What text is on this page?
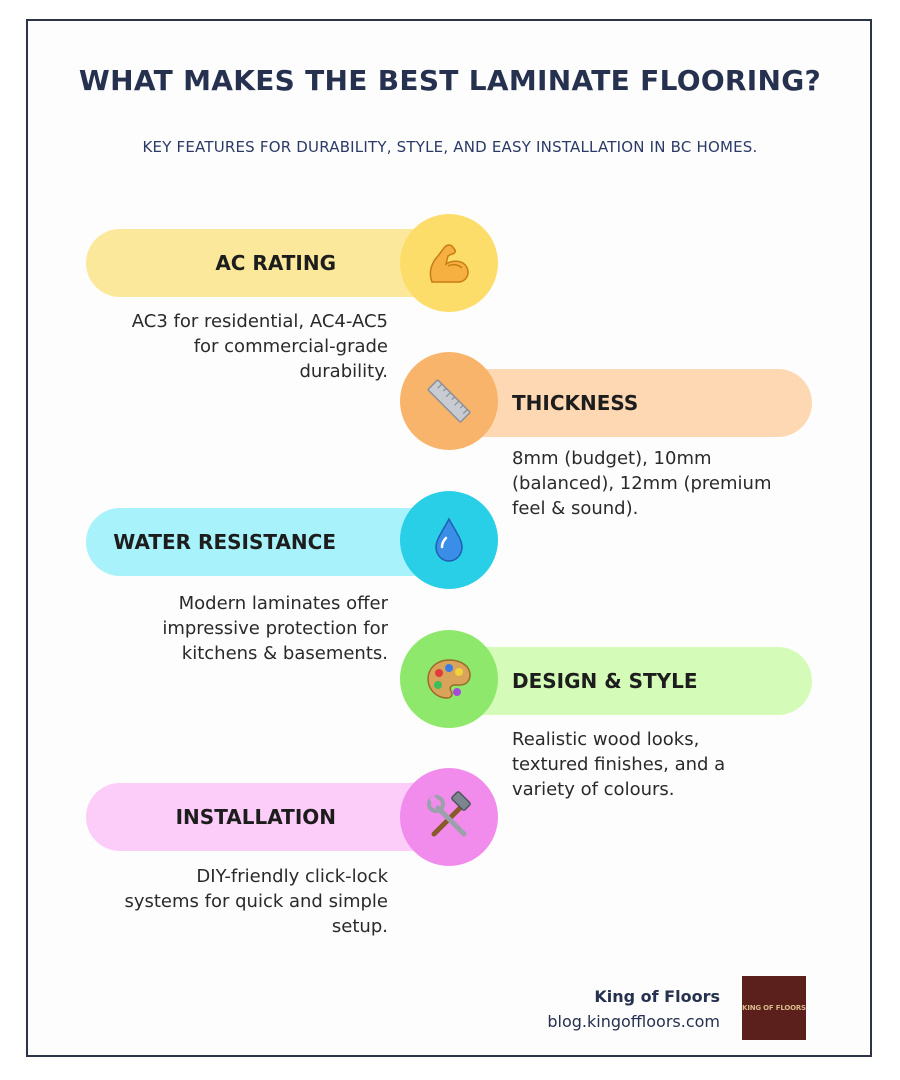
WHAT MAKES THE BEST LAMINATE FLOORING?
KEY FEATURES FOR DURABILITY, STYLE, AND EASY INSTALLATION IN BC HOMES.
AC RATING
AC3 for residential, AC4-AC5
for commercial-grade
durability.
THICKNESS
8mm (budget), 10mm
(balanced), 12mm (premium
feel & sound).
WATER RESISTANCE
Modern laminates offer
impressive protection for
kitchens & basements.
DESIGN & STYLE
Realistic wood looks,
textured finishes, and a
variety of colours.
INSTALLATION
DIY-friendly click-lock
systems for quick and simple
setup.
King of Floors
blog.kingoffloors.com
KING OF FLOORS
